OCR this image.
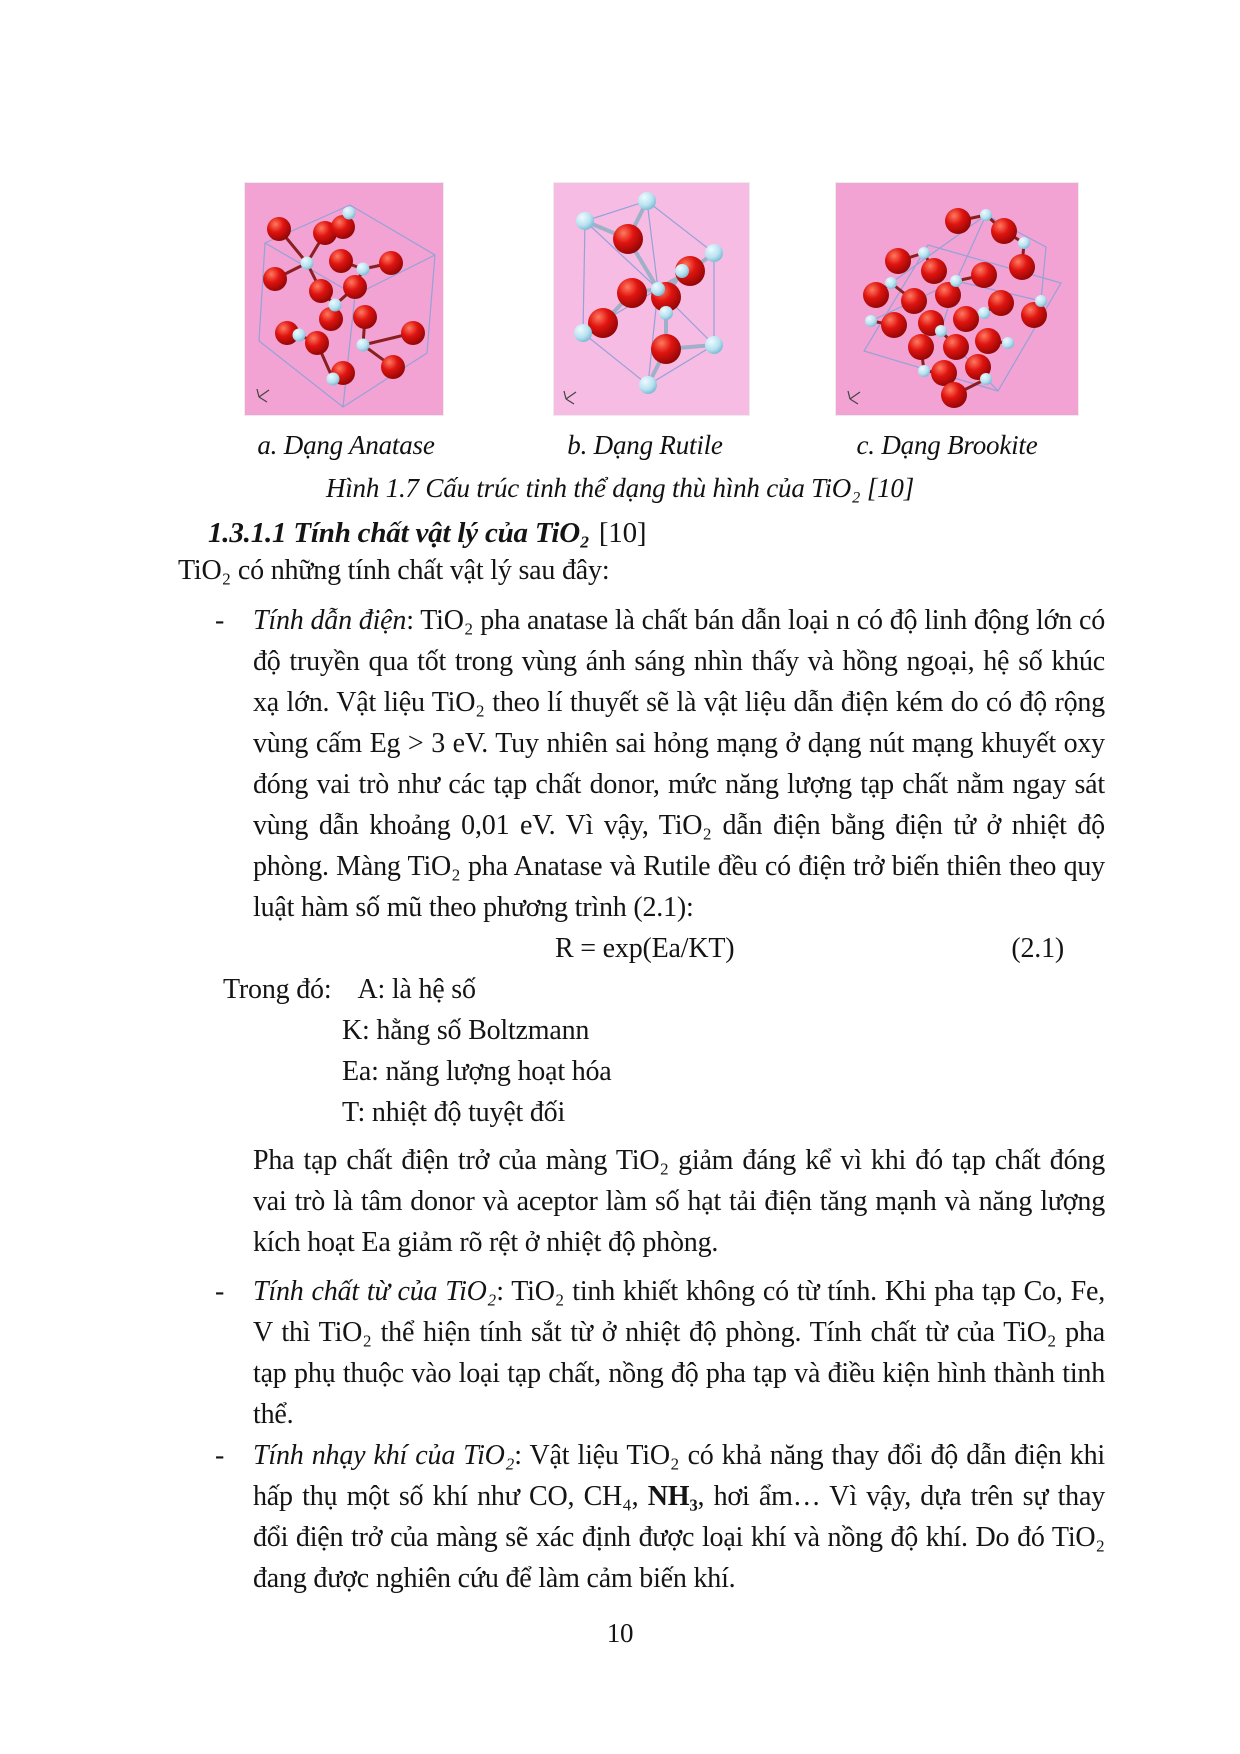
a. Dạng Anatase	b. Dạng Rutile	c. Dạng Brookite
Hình 1.7 Cấu trúc tinh thể dạng thù hình của TiO₂ [10]
1.3.1.1 Tính chất vật lý của TiO₂ [10]
TiO₂ có những tính chất vật lý sau đây:
- Tính dẫn điện: TiO₂ pha anatase là chất bán dẫn loại n có độ linh động lớn có độ truyền qua tốt trong vùng ánh sáng nhìn thấy và hồng ngoại, hệ số khúc xạ lớn. Vật liệu TiO₂ theo lí thuyết sẽ là vật liệu dẫn điện kém do có độ rộng vùng cấm Eg > 3 eV. Tuy nhiên sai hỏng mạng ở dạng nút mạng khuyết oxy đóng vai trò như các tạp chất donor, mức năng lượng tạp chất nằm ngay sát vùng dẫn khoảng 0,01 eV. Vì vậy, TiO₂ dẫn điện bằng điện tử ở nhiệt độ phòng. Màng TiO₂ pha Anatase và Rutile đều có điện trở biến thiên theo quy luật hàm số mũ theo phương trình (2.1):
R = exp(Ea/KT)	(2.1)
Trong đó: A: là hệ số
K: hằng số Boltzmann
Ea: năng lượng hoạt hóa
T: nhiệt độ tuyệt đối
Pha tạp chất điện trở của màng TiO₂ giảm đáng kể vì khi đó tạp chất đóng vai trò là tâm donor và aceptor làm số hạt tải điện tăng mạnh và năng lượng kích hoạt Ea giảm rõ rệt ở nhiệt độ phòng.
- Tính chất từ của TiO₂: TiO₂ tinh khiết không có từ tính. Khi pha tạp Co, Fe, V thì TiO₂ thể hiện tính sắt từ ở nhiệt độ phòng. Tính chất từ của TiO₂ pha tạp phụ thuộc vào loại tạp chất, nồng độ pha tạp và điều kiện hình thành tinh thể.
- Tính nhạy khí của TiO₂: Vật liệu TiO₂ có khả năng thay đổi độ dẫn điện khi hấp thụ một số khí như CO, CH₄, NH₃, hơi ẩm… Vì vậy, dựa trên sự thay đổi điện trở của màng sẽ xác định được loại khí và nồng độ khí. Do đó TiO₂ đang được nghiên cứu để làm cảm biến khí.
10
